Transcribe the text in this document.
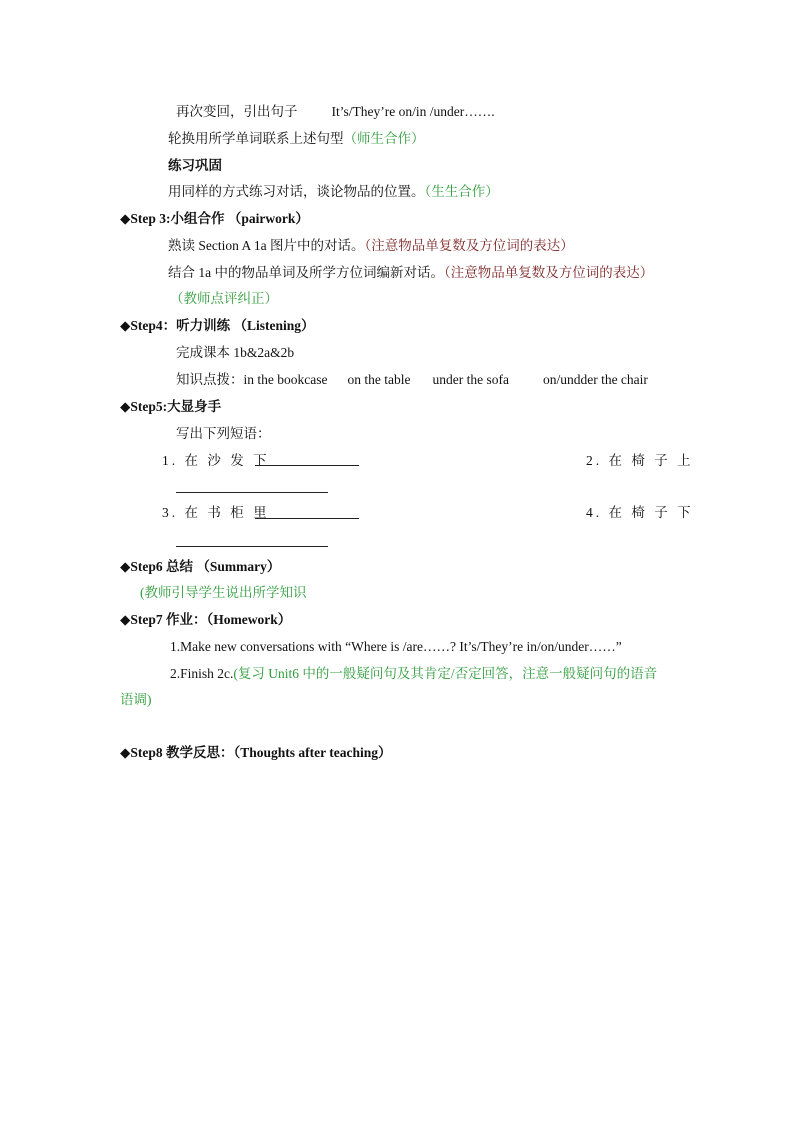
再次变回，引出句子	It’s/They’re on/in /under…….
轮换用所学单词联系上述句型（师生合作）
练习巩固
用同样的方式练习对话，谈论物品的位置。（生生合作）
◆Step 3:小组合作 （pairwork）
熟读 Section A 1a 图片中的对话。（注意物品单复数及方位词的表达）
结合 1a 中的物品单词及所学方位词编新对话。（注意物品单复数及方位词的表达）
（教师点评纠正）
◆Step4：听力训练 （Listening）
完成课本 1b&2a&2b
知识点拨：in the bookcase on the table under the sofa	on/undder the chair
◆Step5:大显身手
写出下列短语：
1. 在 沙 发 下	2. 在 椅 子 上
3. 在 书 柜 里	4. 在 椅 子 下
◆Step6 总结 （Summary）
(教师引导学生说出所学知识
◆Step7 作业：（Homework）
1.Make new conversations with “Where is /are……? It’s/They’re in/on/under……”
2.Finish 2c.(复习 Unit6 中的一般疑问句及其肯定/否定回答，注意一般疑问句的语音
语调)
◆Step8 教学反思：（Thoughts after teaching）
